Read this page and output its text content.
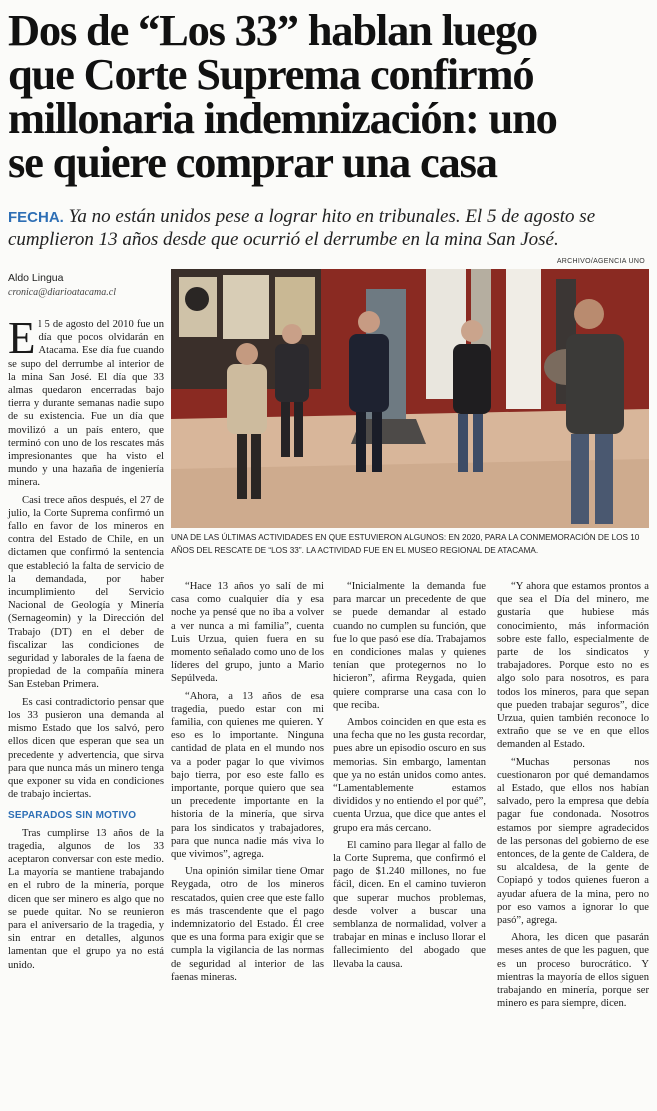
Dos de “Los 33” hablan luego
que Corte Suprema confirmó
millonaria indemnización: uno
se quiere comprar una casa
FECHA. Ya no están unidos pese a lograr hito en tribunales. El 5 de agosto se cumplieron 13 años desde que ocurrió el derrumbe en la mina San José.
ARCHIVO/AGENCIA UNO
Aldo Lingua
cronica@diarioatacama.cl
UNA DE LAS ÚLTIMAS ACTIVIDADES EN QUE ESTUVIERON ALGUNOS: EN 2020, PARA LA CONMEMORACIÓN DE LOS 10 AÑOS DEL RESCATE DE “LOS 33”. LA ACTIVIDAD FUE EN EL MUSEO REGIONAL DE ATACAMA.

El 5 de agosto del 2010 fue un día que pocos olvidarán en Atacama. Ese día fue cuando se supo del derrumbe al interior de la mina San José. El día que 33 almas quedaron encerradas bajo tierra y durante semanas nadie supo de su existencia. Fue un día que movilizó a un país entero, que terminó con uno de los rescates más impresionantes que ha visto el mundo y una hazaña de ingeniería minera.

Casi trece años después, el 27 de julio, la Corte Suprema confirmó un fallo en favor de los mineros en contra del Estado de Chile, en un dictamen que confirmó la sentencia que estableció la falta de servicio de la demandada, por haber incumplimiento del Servicio Nacional de Geología y Minería (Sernageomin) y la Dirección del Trabajo (DT) en el deber de fiscalizar las condiciones de seguridad y laborales de la faena de propiedad de la compañía minera San Esteban Primera.

Es casi contradictorio pensar que los 33 pusieron una demanda al mismo Estado que los salvó, pero ellos dicen que esperan que sea un precedente y advertencia, que sirva para que nunca más un minero tenga que exponer su vida en condiciones de trabajo inciertas.

SEPARADOS SIN MOTIVO

Tras cumplirse 13 años de la tragedia, algunos de los 33 aceptaron conversar con este medio. La mayoría se mantiene trabajando en el rubro de la minería, porque dicen que ser minero es algo que no se puede quitar. No se reunieron para el aniversario de la tragedia, y sin entrar en detalles, algunos lamentan que el grupo ya no está unido.

“Hace 13 años yo salí de mi casa como cualquier día y esa noche ya pensé que no iba a volver a ver nunca a mi familia”, cuenta Luis Urzua, quien fuera en su momento señalado como uno de los líderes del grupo, junto a Mario Sepúlveda.

“Ahora, a 13 años de esa tragedia, puedo estar con mi familia, con quienes me quieren. Y eso es lo importante. Ninguna cantidad de plata en el mundo nos va a poder pagar lo que vivimos bajo tierra, por eso este fallo es importante, porque quiero que sea un precedente importante en la historia de la minería, que sirva para los sindicatos y trabajadores, para que nunca nadie más viva lo que vivimos”, agrega.

Una opinión similar tiene Omar Reygada, otro de los mineros rescatados, quien cree que este fallo es más trascendente que el pago indemnizatorio del Estado. Él cree que es una forma para exigir que se cumpla la vigilancia de las normas de seguridad al interior de las faenas mineras.

“Inicialmente la demanda fue para marcar un precedente de que se puede demandar al estado cuando no cumplen su función, que fue lo que pasó ese día. Trabajamos en condiciones malas y quienes tenían que protegernos no lo hicieron”, afirma Reygada, quien quiere comprarse una casa con lo que reciba.

Ambos coinciden en que esta es una fecha que no les gusta recordar, pues abre un episodio oscuro en sus memorias. Sin embargo, lamentan que ya no están unidos como antes. “Lamentablemente estamos divididos y no entiendo el por qué”, cuenta Urzua, que dice que antes el grupo era más cercano.

El camino para llegar al fallo de la Corte Suprema, que confirmó el pago de $1.240 millones, no fue fácil, dicen. En el camino tuvieron que superar muchos problemas, desde volver a buscar una semblanza de normalidad, volver a trabajar en minas e incluso llorar el fallecimiento del abogado que llevaba la causa.

“Y ahora que estamos prontos a que sea el Día del minero, me gustaría que hubiese más conocimiento, más información sobre este fallo, especialmente de parte de los sindicatos y trabajadores. Porque esto no es algo solo para nosotros, es para todos los mineros, para que sepan que pueden trabajar seguros”, dice Urzua, quien también reconoce lo extraño que se ve en que ellos demanden al Estado.

“Muchas personas nos cuestionaron por qué demandamos al Estado, que ellos nos habían salvado, pero la empresa que debía pagar fue condonada. Nosotros estamos por siempre agradecidos de las personas del gobierno de ese entonces, de la gente de Caldera, de su alcaldesa, de la gente de Copiapó y todos quienes fueron a ayudar afuera de la mina, pero no por eso vamos a ignorar lo que pasó”, agrega.

Ahora, les dicen que pasarán meses antes de que les paguen, que es un proceso burocrático. Y mientras la mayoría de ellos siguen trabajando en minería, porque ser minero es para siempre, dicen.
